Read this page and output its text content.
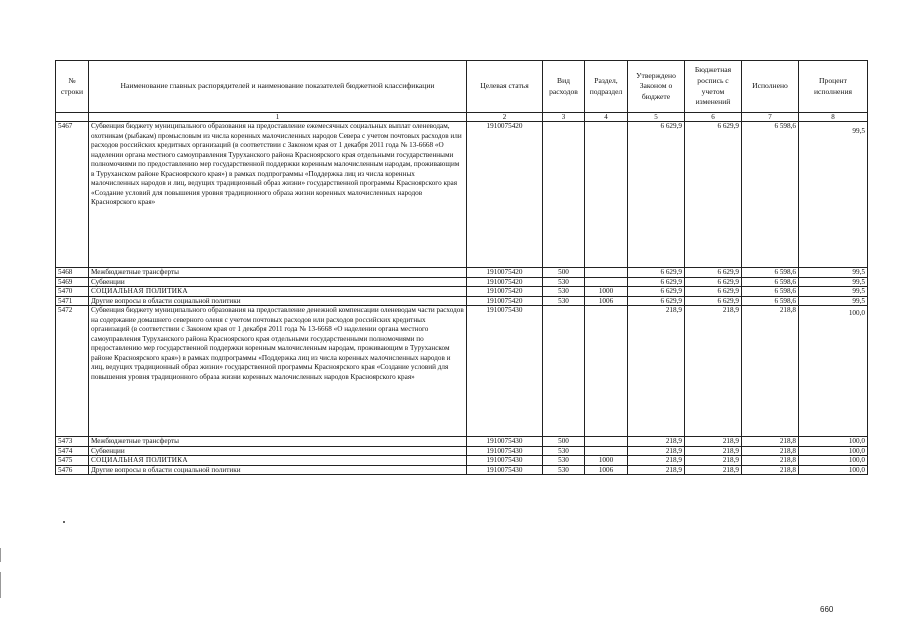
№ строки	Наименование главных распорядителей и наименование показателей бюджетной классификации	Целевая статья	Вид расходов	Раздел, подраздел	Утверждено Законом о бюджете	Бюджетная роспись с учетом изменений	Исполнено	Процент исполнения
	1	2	3	4	5	6	7	8
5467	Субвенция бюджету муниципального образования на предоставление ежемесячных социальных выплат оленеводам, охотникам (рыбакам) промысловым из числа коренных малочисленных народов Севера с учетом почтовых расходов или расходов российских кредитных организаций (в соответствии с Законом края от 1 декабря 2011 года № 13-6668 «О наделении органа местного самоуправления Туруханского района Красноярского края отдельными государственными полномочиями по предоставлению мер государственной поддержки коренным малочисленным народам, проживающим в Туруханском районе Красноярского края») в рамках подпрограммы «Поддержка лиц из числа коренных малочисленных народов и лиц, ведущих традиционный образ жизни» государственной программы Красноярского края «Создание условий для повышения уровня традиционного образа жизни коренных малочисленных народов Красноярского края»	1910075420			6 629,9	6 629,9	6 598,6	99,5
5468	Межбюджетные трансферты	1910075420	500		6 629,9	6 629,9	6 598,6	99,5
5469	Субвенции	1910075420	530		6 629,9	6 629,9	6 598,6	99,5
5470	СОЦИАЛЬНАЯ ПОЛИТИКА	1910075420	530	1000	6 629,9	6 629,9	6 598,6	99,5
5471	Другие вопросы в области социальной политики	1910075420	530	1006	6 629,9	6 629,9	6 598,6	99,5
5472	Субвенция бюджету муниципального образования на предоставление денежной компенсации оленеводам части расходов на содержание домашнего северного оленя с учетом почтовых расходов или расходов российских кредитных организаций (в соответствии с Законом края от 1 декабря 2011 года № 13-6668 «О наделении органа местного самоуправления Туруханского района Красноярского края отдельными государственными полномочиями по предоставлению мер государственной поддержки коренным малочисленным народам, проживающим в Туруханском районе Красноярского края») в рамках подпрограммы «Поддержка лиц из числа коренных малочисленных народов и лиц, ведущих традиционный образ жизни» государственной программы Красноярского края «Создание условий для повышения уровня традиционного образа жизни коренных малочисленных народов Красноярского края»	1910075430			218,9	218,9	218,8	100,0
5473	Межбюджетные трансферты	1910075430	500		218,9	218,9	218,8	100,0
5474	Субвенции	1910075430	530		218,9	218,9	218,8	100,0
5475	СОЦИАЛЬНАЯ ПОЛИТИКА	1910075430	530	1000	218,9	218,9	218,8	100,0
5476	Другие вопросы в области социальной политики	1910075430	530	1006	218,9	218,9	218,8	100,0
660
